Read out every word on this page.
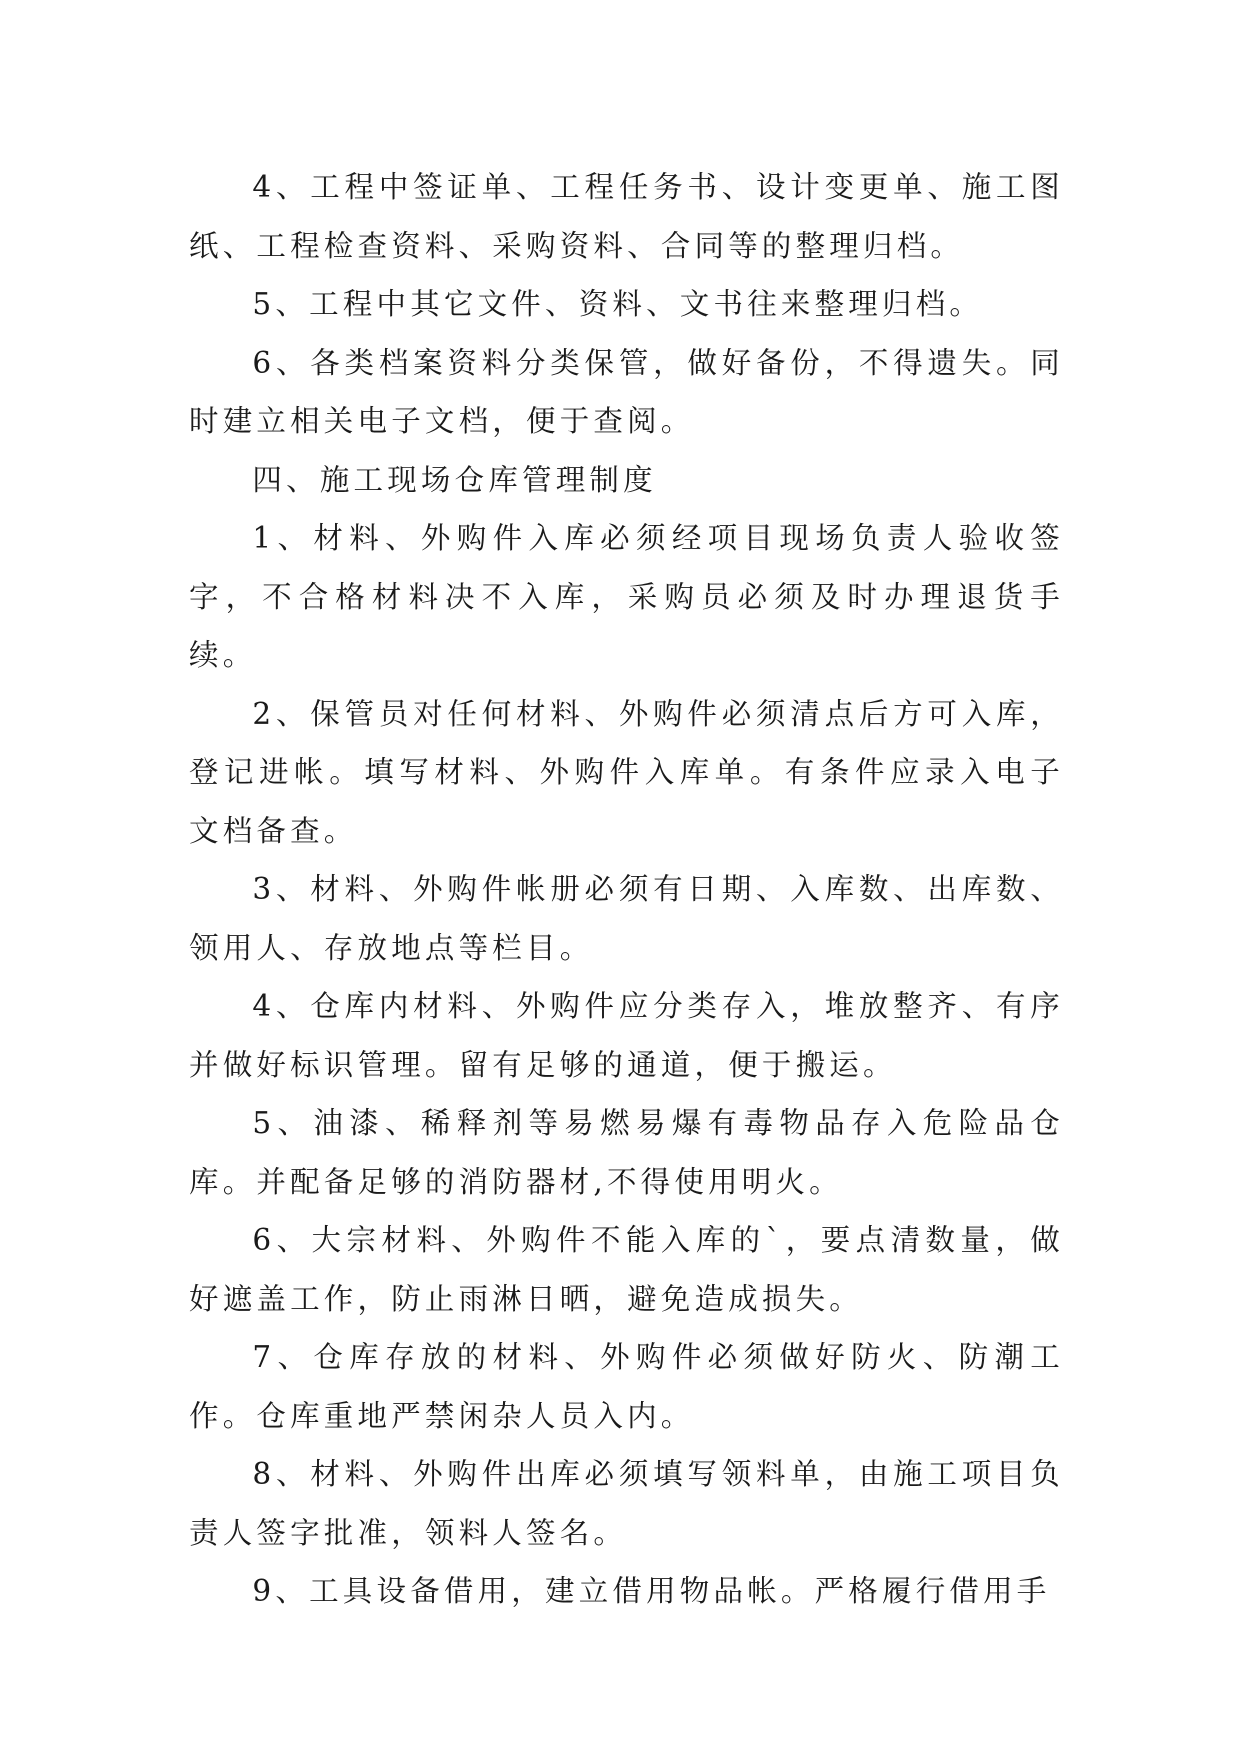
4、工程中签证单、工程任务书、设计变更单、施工图纸、工程检查资料、采购资料、合同等的整理归档。

5、工程中其它文件、资料、文书往来整理归档。

6、各类档案资料分类保管，做好备份，不得遗失。同时建立相关电子文档，便于查阅。

四、施工现场仓库管理制度

1、材料、外购件入库必须经项目现场负责人验收签字，不合格材料决不入库，采购员必须及时办理退货手续。

2、保管员对任何材料、外购件必须清点后方可入库，登记进帐。填写材料、外购件入库单。有条件应录入电子文档备查。

3、材料、外购件帐册必须有日期、入库数、出库数、领用人、存放地点等栏目。

4、仓库内材料、外购件应分类存入，堆放整齐、有序并做好标识管理。留有足够的通道，便于搬运。

5、油漆、稀释剂等易燃易爆有毒物品存入危险品仓库。并配备足够的消防器材,不得使用明火。

6、大宗材料、外购件不能入库的`，要点清数量，做好遮盖工作，防止雨淋日晒，避免造成损失。

7、仓库存放的材料、外购件必须做好防火、防潮工作。仓库重地严禁闲杂人员入内。

8、材料、外购件出库必须填写领料单，由施工项目负责人签字批准，领料人签名。

9、工具设备借用，建立借用物品帐。严格履行借用手
